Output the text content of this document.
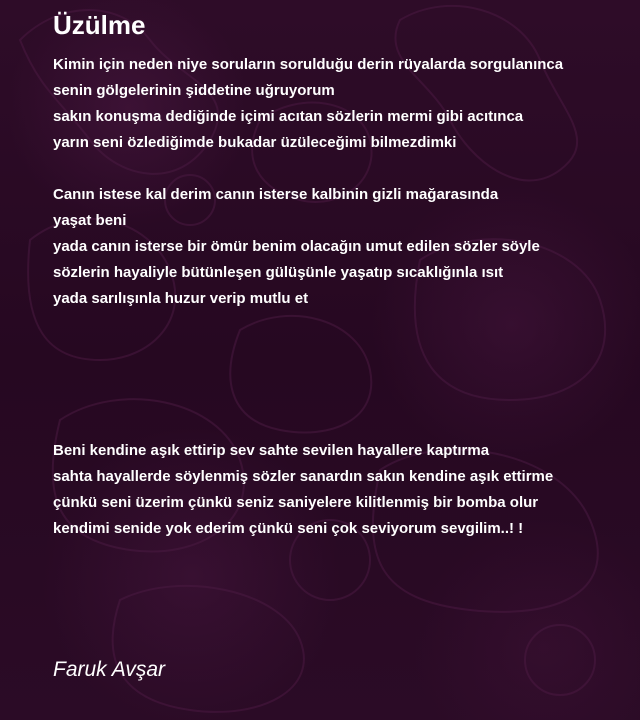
Üzülme

Kimin için neden niye soruların sorulduğu derin rüyalarda sorgulanınca
senin gölgelerinin şiddetine uğruyorum
sakın konuşma dediğinde içimi acıtan sözlerin mermi gibi acıtınca
yarın seni özlediğimde bukadar üzüleceğimi bilmezdimki

Canın istese kal derim canın isterse kalbinin gizli mağarasında
yaşat beni
yada canın isterse bir ömür benim olacağın umut edilen sözler söyle
sözlerin hayaliyle bütünleşen gülüşünle yaşatıp sıcaklığınla ısıt
yada sarılışınla huzur verip mutlu et

Beni kendine aşık ettirip sev sahte sevilen hayallere kaptırma
sahta hayallerde söylenmiş sözler sanardın sakın kendine aşık ettirme
çünkü seni üzerim çünkü seniz saniyelere kilitlenmiş bir bomba olur
kendimi senide yok ederim çünkü seni çok seviyorum sevgilim..! !

Faruk Avşar
